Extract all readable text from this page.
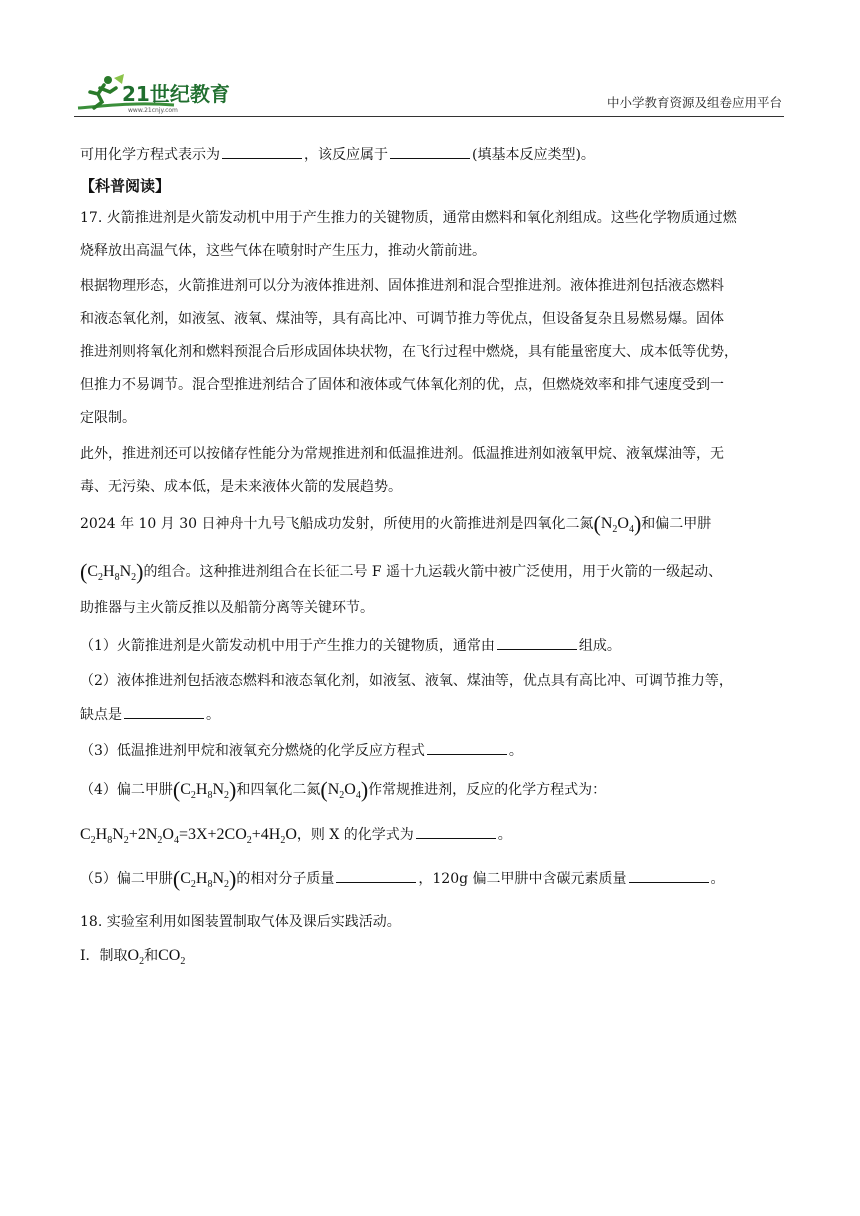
21世纪教育
www.21cnjy.com
中小学教育资源及组卷应用平台
可用化学方程式表示为	，该反应属于	(填基本反应类型)。
【科普阅读】
17. 火箭推进剂是火箭发动机中用于产生推力的关键物质，通常由燃料和氧化剂组成。这些化学物质通过燃
烧释放出高温气体，这些气体在喷射时产生压力，推动火箭前进。
根据物理形态，火箭推进剂可以分为液体推进剂、固体推进剂和混合型推进剂。液体推进剂包括液态燃料
和液态氧化剂，如液氢、液氧、煤油等，具有高比冲、可调节推力等优点，但设备复杂且易燃易爆。固体
推进剂则将氧化剂和燃料预混合后形成固体块状物，在飞行过程中燃烧，具有能量密度大、成本低等优势，
但推力不易调节。混合型推进剂结合了固体和液体或气体氧化剂的优，点，但燃烧效率和排气速度受到一
定限制。
此外，推进剂还可以按储存性能分为常规推进剂和低温推进剂。低温推进剂如液氧甲烷、液氧煤油等，无
毒、无污染、成本低，是未来液体火箭的发展趋势。
2024 年 10 月 30 日神舟十九号飞船成功发射，所使用的火箭推进剂是四氧化二氮$(N_2O_4)$和偏二甲肼
$(C_2H_8N_2)$的组合。这种推进剂组合在长征二号 F 遥十九运载火箭中被广泛使用，用于火箭的一级起动、
助推器与主火箭反推以及船箭分离等关键环节。
（1）火箭推进剂是火箭发动机中用于产生推力的关键物质，通常由	组成。
（2）液体推进剂包括液态燃料和液态氧化剂，如液氢、液氧、煤油等，优点具有高比冲、可调节推力等，
缺点是	。
（3）低温推进剂甲烷和液氧充分燃烧的化学反应方程式	。
（4）偏二甲肼$(C_2H_8N_2)$和四氧化二氮$(N_2O_4)$作常规推进剂，反应的化学方程式为：
$C_2H_8N_2+2N_2O_4=3X+2CO_2+4H_2O$，则 X 的化学式为	。
（5）偏二甲肼$(C_2H_8N_2)$的相对分子质量	，120g 偏二甲肼中含碳元素质量	。
18. 实验室利用如图装置制取气体及课后实践活动。
Ⅰ．制取$O_2$和$CO_2$
